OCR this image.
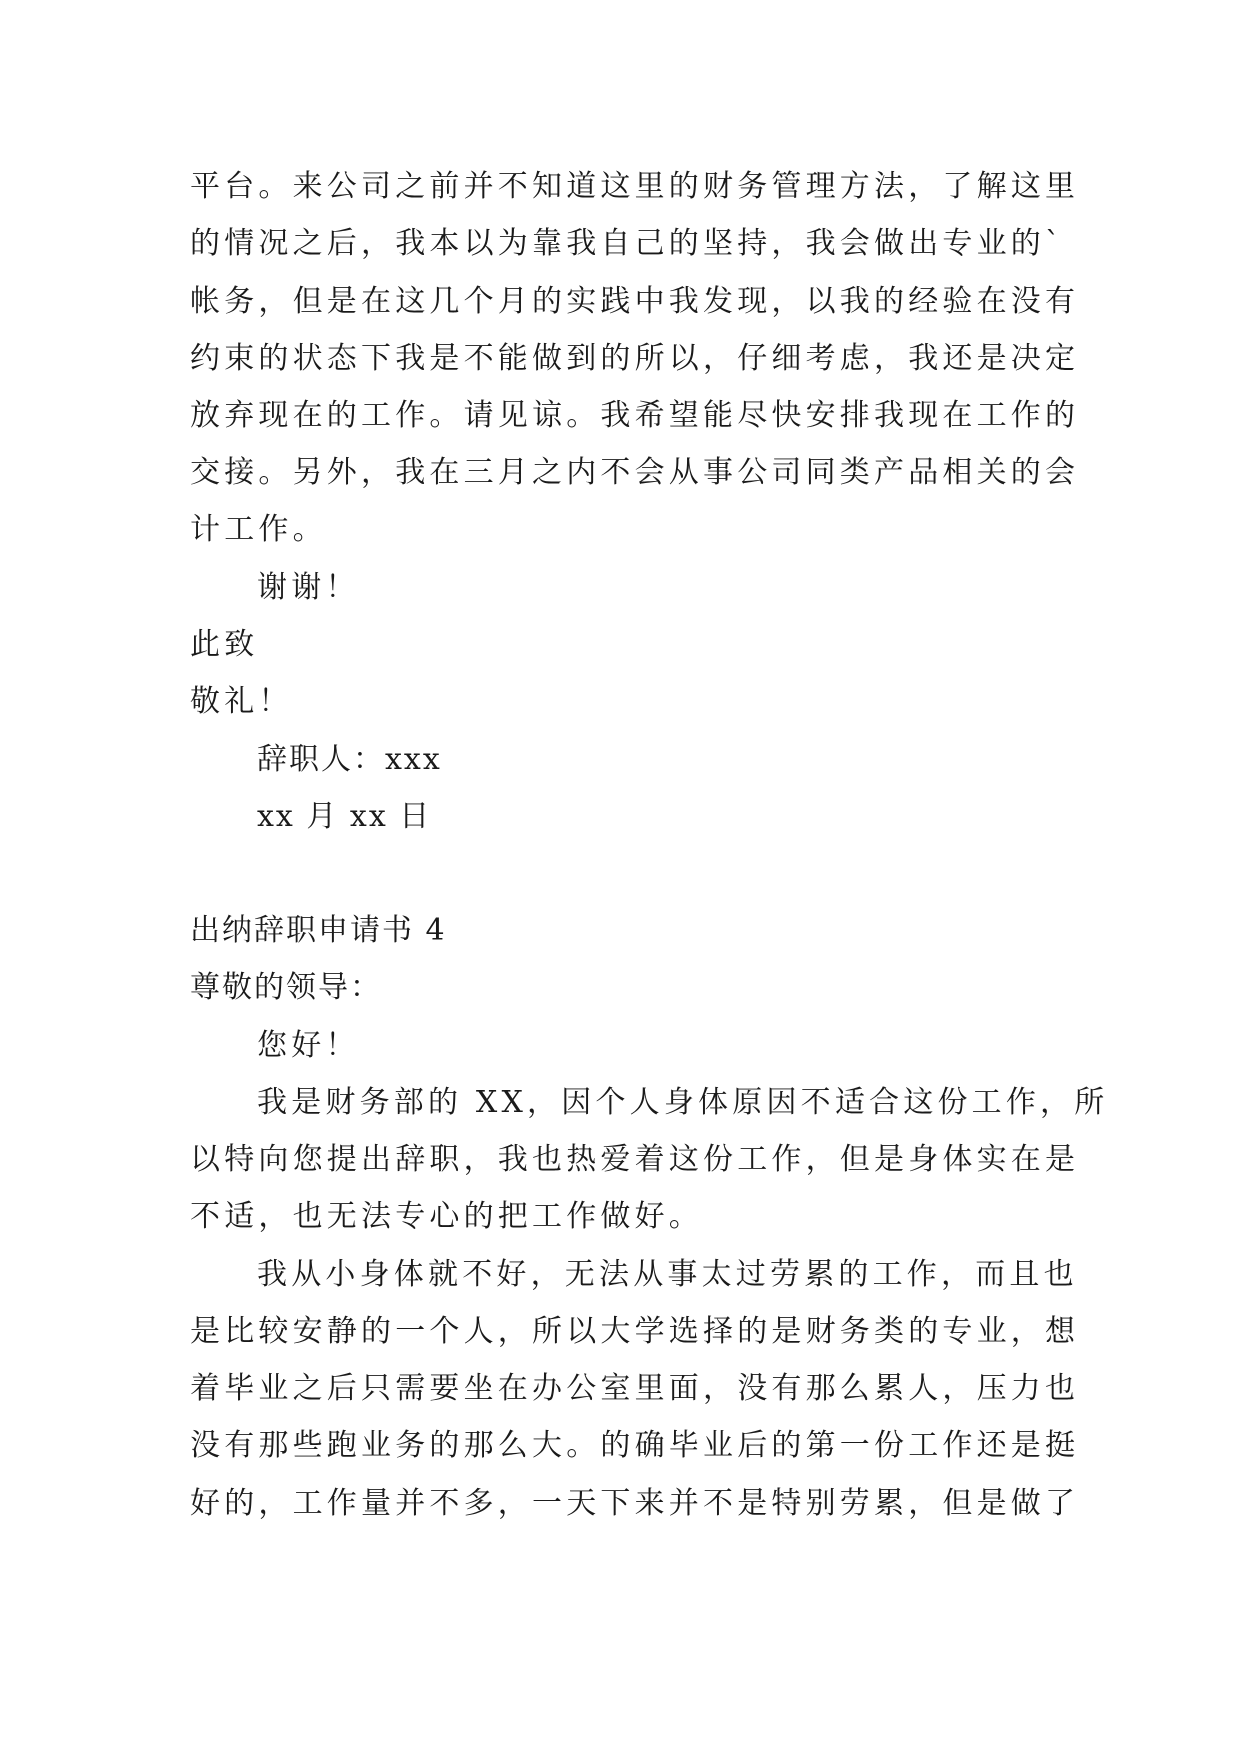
平台。来公司之前并不知道这里的财务管理方法，了解这里
的情况之后，我本以为靠我自己的坚持，我会做出专业的`
帐务，但是在这几个月的实践中我发现，以我的经验在没有
约束的状态下我是不能做到的所以，仔细考虑，我还是决定
放弃现在的工作。请见谅。我希望能尽快安排我现在工作的
交接。另外，我在三月之内不会从事公司同类产品相关的会
计工作。
谢谢！
此致
敬礼！
辞职人：xxx
xx 月 xx 日
出纳辞职申请书 4
尊敬的领导：
您好！
我是财务部的 XX，因个人身体原因不适合这份工作，所
以特向您提出辞职，我也热爱着这份工作，但是身体实在是
不适，也无法专心的把工作做好。
我从小身体就不好，无法从事太过劳累的工作，而且也
是比较安静的一个人，所以大学选择的是财务类的专业，想
着毕业之后只需要坐在办公室里面，没有那么累人，压力也
没有那些跑业务的那么大。的确毕业后的第一份工作还是挺
好的，工作量并不多，一天下来并不是特别劳累，但是做了
